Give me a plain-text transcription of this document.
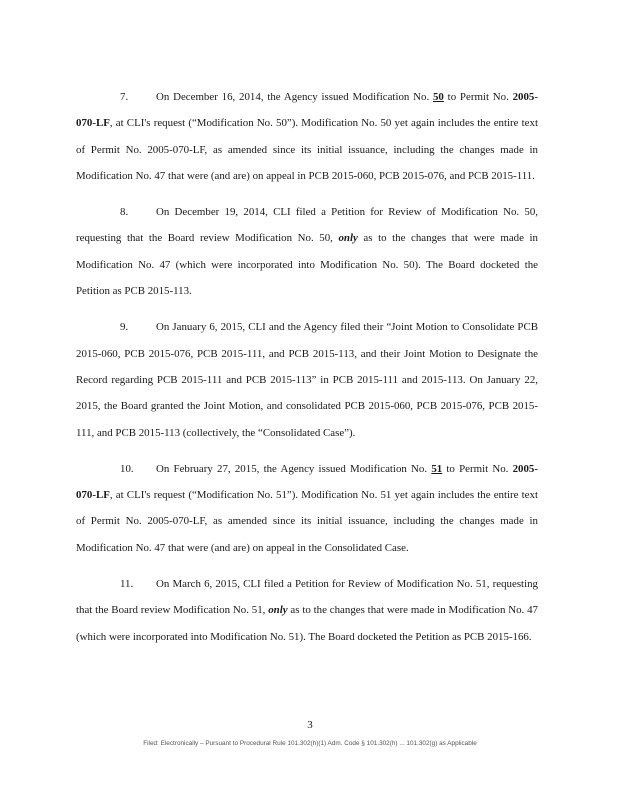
7.	On December 16, 2014, the Agency issued Modification No. 50 to Permit No. 2005-070-LF, at CLI's request (“Modification No. 50”). Modification No. 50 yet again includes the entire text of Permit No. 2005-070-LF, as amended since its initial issuance, including the changes made in Modification No. 47 that were (and are) on appeal in PCB 2015-060, PCB 2015-076, and PCB 2015-111.

8.	On December 19, 2014, CLI filed a Petition for Review of Modification No. 50, requesting that the Board review Modification No. 50, only as to the changes that were made in Modification No. 47 (which were incorporated into Modification No. 50). The Board docketed the Petition as PCB 2015-113.

9.	On January 6, 2015, CLI and the Agency filed their “Joint Motion to Consolidate PCB 2015-060, PCB 2015-076, PCB 2015-111, and PCB 2015-113, and their Joint Motion to Designate the Record regarding PCB 2015-111 and PCB 2015-113” in PCB 2015-111 and 2015-113. On January 22, 2015, the Board granted the Joint Motion, and consolidated PCB 2015-060, PCB 2015-076, PCB 2015-111, and PCB 2015-113 (collectively, the “Consolidated Case”).

10. On February 27, 2015, the Agency issued Modification No. 51 to Permit No. 2005-070-LF, at CLI's request (“Modification No. 51”). Modification No. 51 yet again includes the entire text of Permit No. 2005-070-LF, as amended since its initial issuance, including the changes made in Modification No. 47 that were (and are) on appeal in the Consolidated Case.

11. On March 6, 2015, CLI filed a Petition for Review of Modification No. 51, requesting that the Board review Modification No. 51, only as to the changes that were made in Modification No. 47 (which were incorporated into Modification No. 51). The Board docketed the Petition as PCB 2015-166.

3
Filed: Electronically – Pursuant to Procedural Rule 101.302(h)(1) Adm. Code § 101.302(h) ... 101.302(g) as Applicable
